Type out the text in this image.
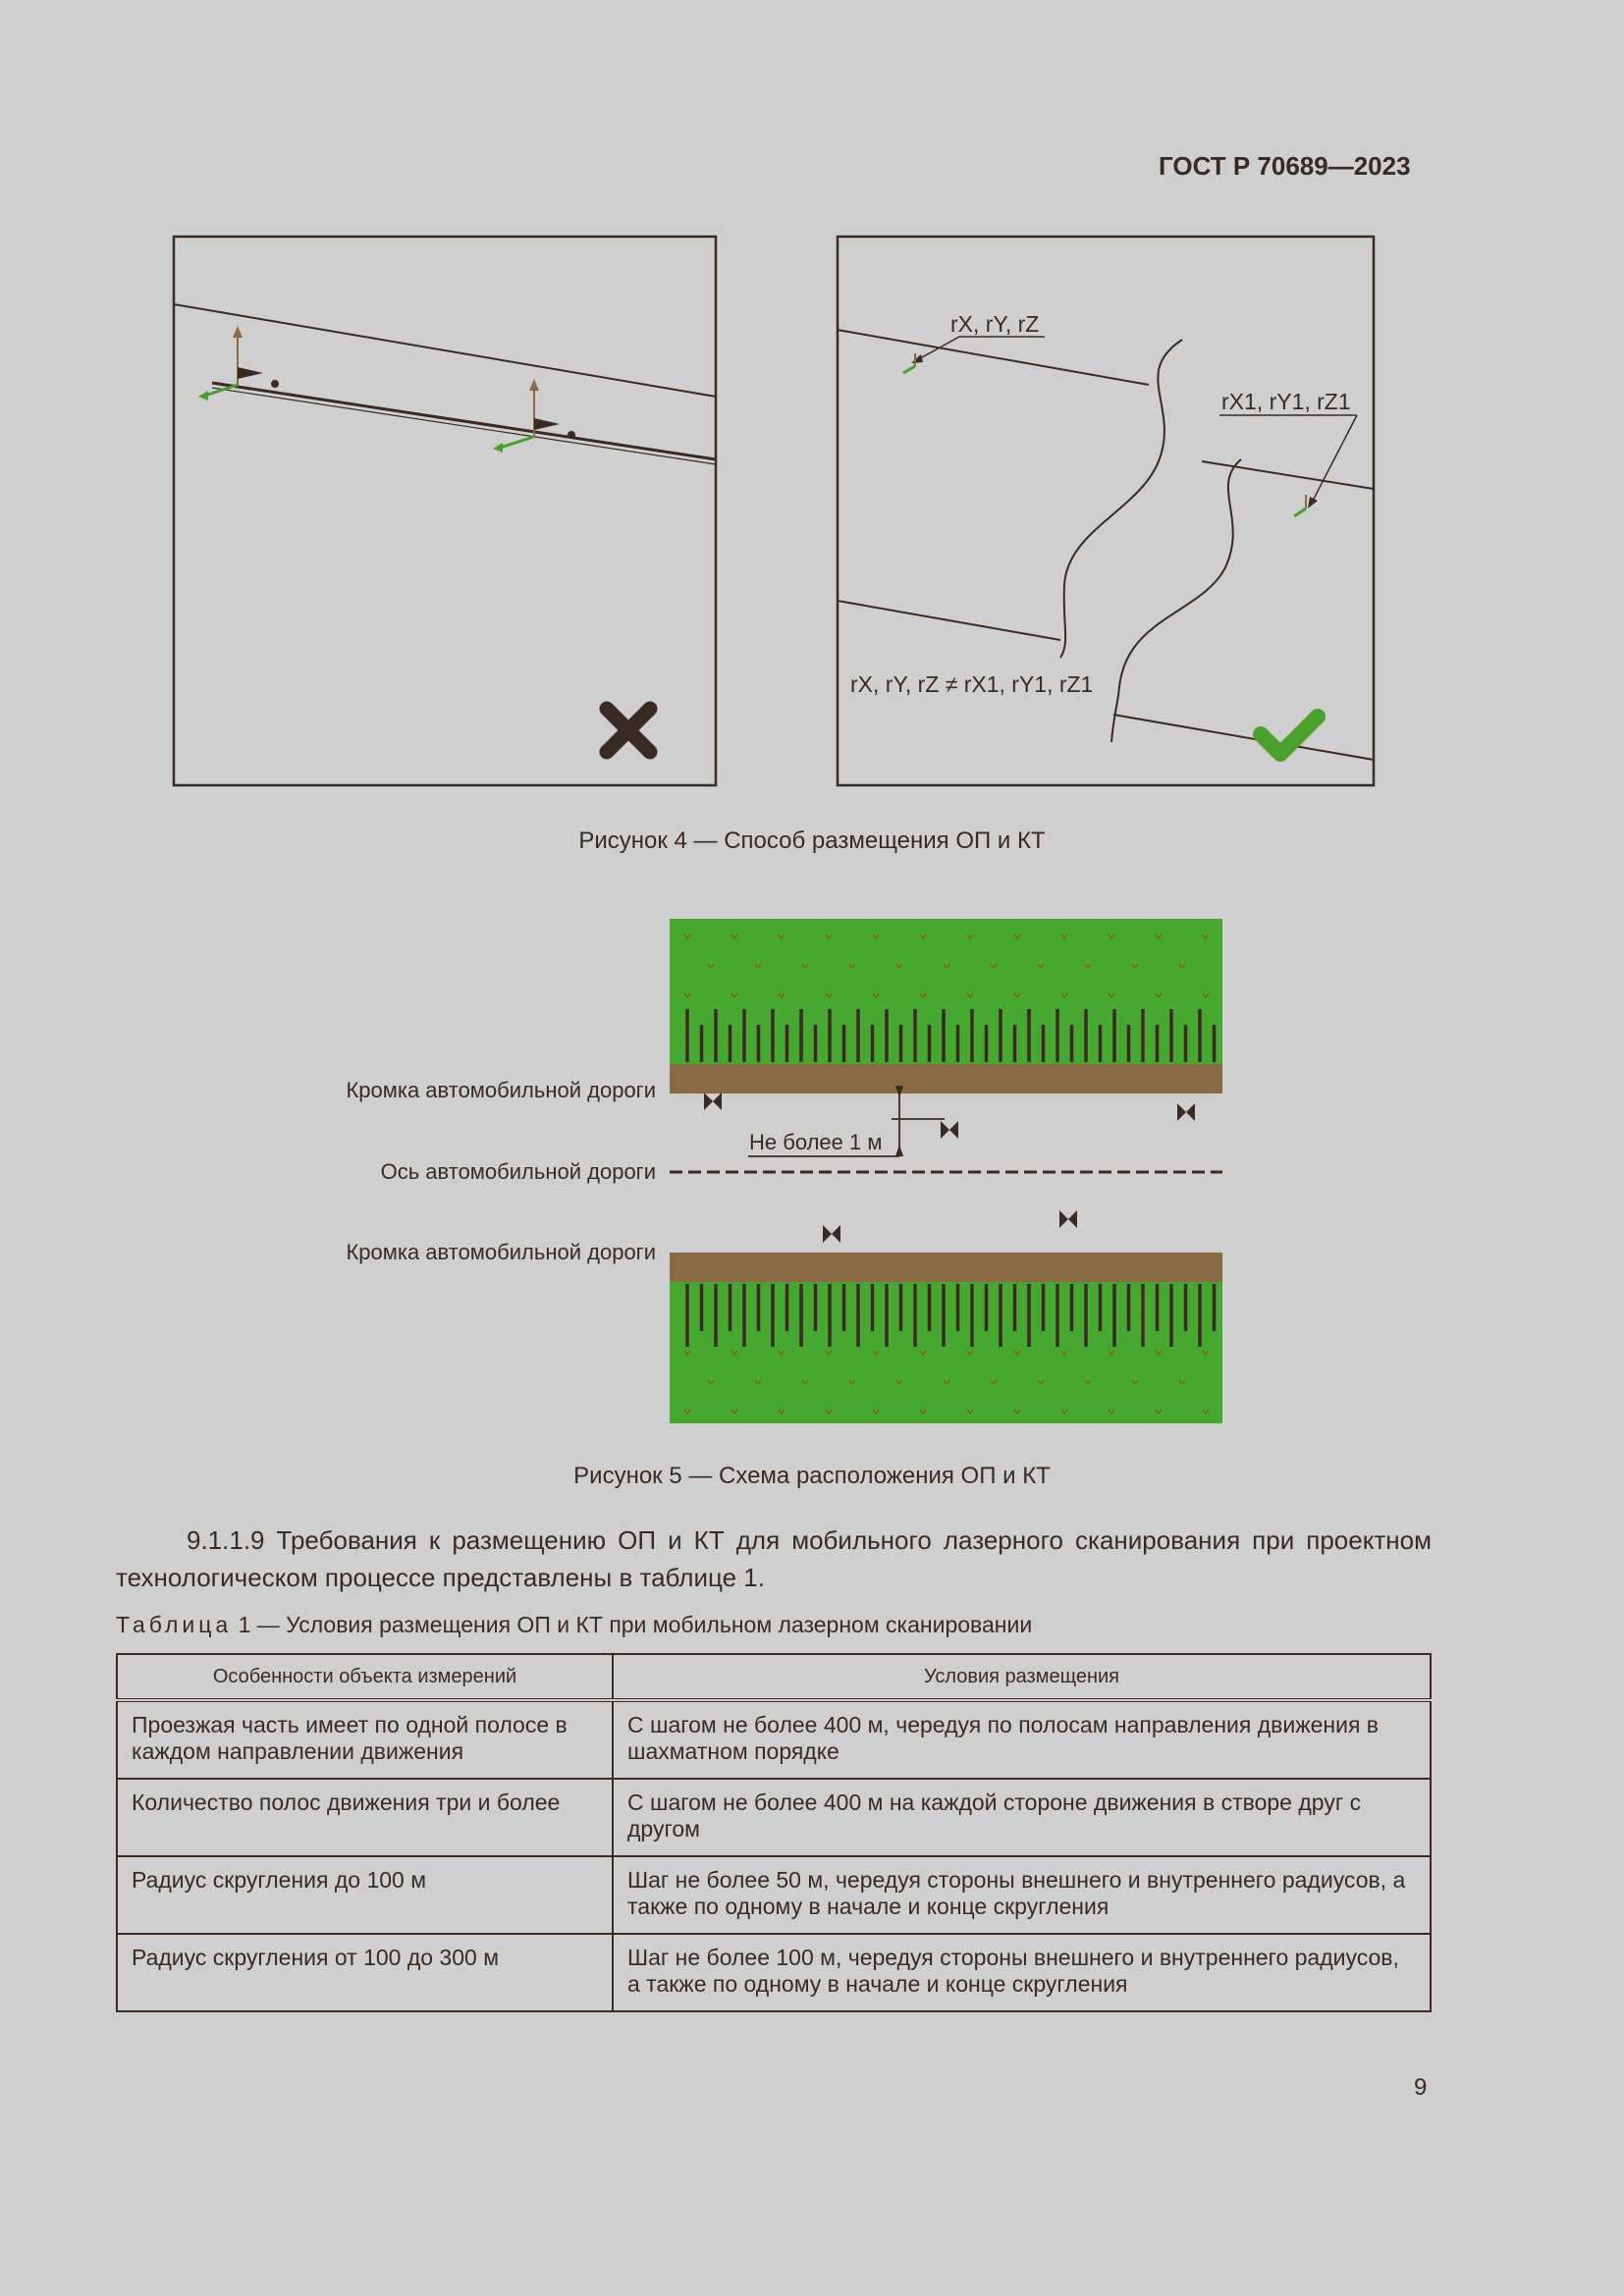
ГОСТ Р 70689—2023
rX, rY, rZ
rX1, rY1, rZ1
rX, rY, rZ ≠ rX1, rY1, rZ1
Рисунок 4 — Способ размещения ОП и КТ
Кромка автомобильной дороги
Ось автомобильной дороги
Кромка автомобильной дороги
Не более 1 м
Рисунок 5 — Схема расположения ОП и КТ
9.1.1.9 Требования к размещению ОП и КТ для мобильного лазерного сканирования при проектном технологическом процессе представлены в таблице 1.
Таблица 1 — Условия размещения ОП и КТ при мобильном лазерном сканировании
Особенности объекта измерений	Условия размещения
Проезжая часть имеет по одной полосе в каждом направлении движения	С шагом не более 400 м, чередуя по полосам направления движения в шахматном порядке
Количество полос движения три и более	С шагом не более 400 м на каждой стороне движения в створе друг с другом
Радиус скругления до 100 м	Шаг не более 50 м, чередуя стороны внешнего и внутреннего радиусов, а также по одному в начале и конце скругления
Радиус скругления от 100 до 300 м	Шаг не более 100 м, чередуя стороны внешнего и внутреннего радиусов, а также по одному в начале и конце скругления
9
